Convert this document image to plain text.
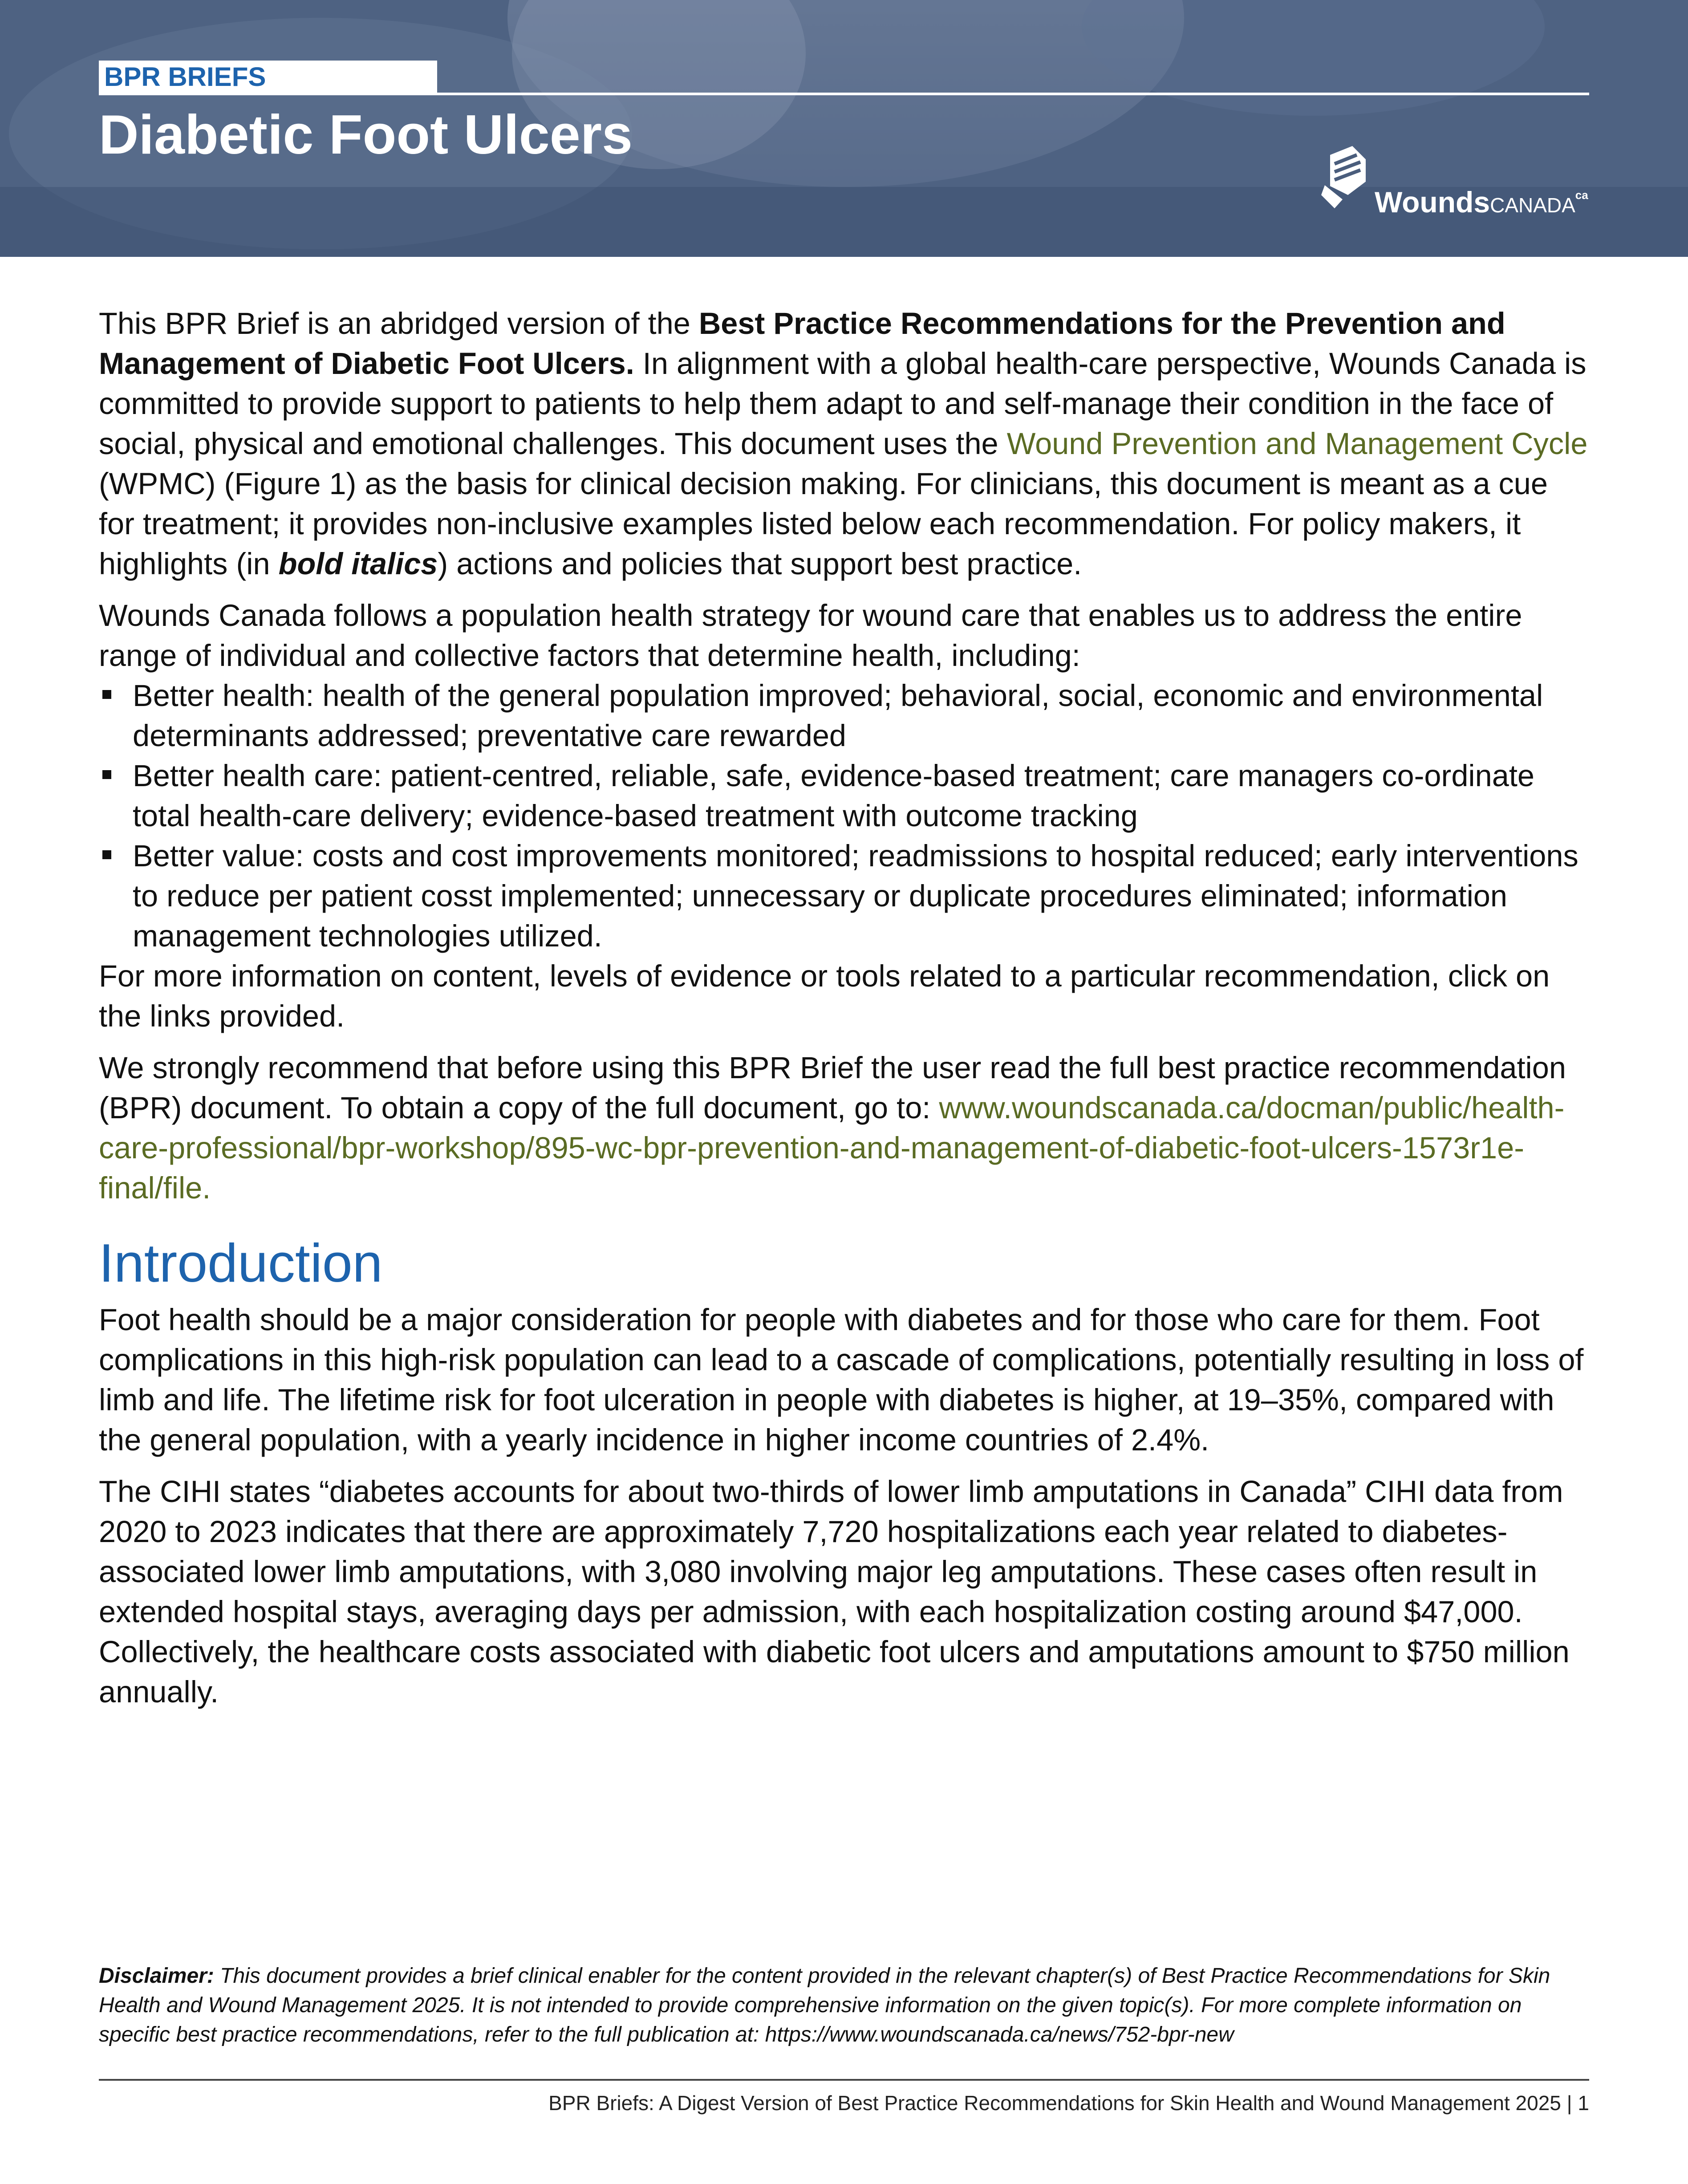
BPR BRIEFS
Diabetic Foot Ulcers
WoundsCANADA$^{ca}$

This BPR Brief is an abridged version of the Best Practice Recommendations for the Prevention and Management of Diabetic Foot Ulcers. In alignment with a global health-care perspective, Wounds Canada is committed to provide support to patients to help them adapt to and self-manage their condition in the face of social, physical and emotional challenges. This document uses the Wound Prevention and Management Cycle (WPMC) (Figure 1) as the basis for clinical decision making. For clinicians, this document is meant as a cue for treatment; it provides non-inclusive examples listed below each recommendation. For policy makers, it highlights (in bold italics) actions and policies that support best practice.

Wounds Canada follows a population health strategy for wound care that enables us to address the entire range of individual and collective factors that determine health, including:

Better health: health of the general population improved; behavioral, social, economic and environmental determinants addressed; preventative care rewarded
Better health care: patient-centred, reliable, safe, evidence-based treatment; care managers co-ordinate total health-care delivery; evidence-based treatment with outcome tracking
Better value: costs and cost improvements monitored; readmissions to hospital reduced; early interventions to reduce per patient cosst implemented; unnecessary or duplicate procedures eliminated; information management technologies utilized.

For more information on content, levels of evidence or tools related to a particular recommendation, click on the links provided.

We strongly recommend that before using this BPR Brief the user read the full best practice recommendation (BPR) document. To obtain a copy of the full document, go to: www.woundscanada.ca/docman/public/health-care-professional/bpr-workshop/895-wc-bpr-prevention-and-management-of-diabetic-foot-ulcers-1573r1e-final/file.

Introduction

Foot health should be a major consideration for people with diabetes and for those who care for them. Foot complications in this high-risk population can lead to a cascade of complications, potentially resulting in loss of limb and life. The lifetime risk for foot ulceration in people with diabetes is higher, at 19–35%, compared with the general population, with a yearly incidence in higher income countries of 2.4%.

The CIHI states “diabetes accounts for about two-thirds of lower limb amputations in Canada” CIHI data from 2020 to 2023 indicates that there are approximately 7,720 hospitalizations each year related to diabetes-associated lower limb amputations, with 3,080 involving major leg amputations. These cases often result in extended hospital stays, averaging days per admission, with each hospitalization costing around $47,000. Collectively, the healthcare costs associated with diabetic foot ulcers and amputations amount to $750 million annually.

Disclaimer: This document provides a brief clinical enabler for the content provided in the relevant chapter(s) of Best Practice Recommendations for Skin Health and Wound Management 2025. It is not intended to provide comprehensive information on the given topic(s). For more complete information on specific best practice recommendations, refer to the full publication at: https://www.woundscanada.ca/news/752-bpr-new

BPR Briefs: A Digest Version of Best Practice Recommendations for Skin Health and Wound Management 2025 | 1
